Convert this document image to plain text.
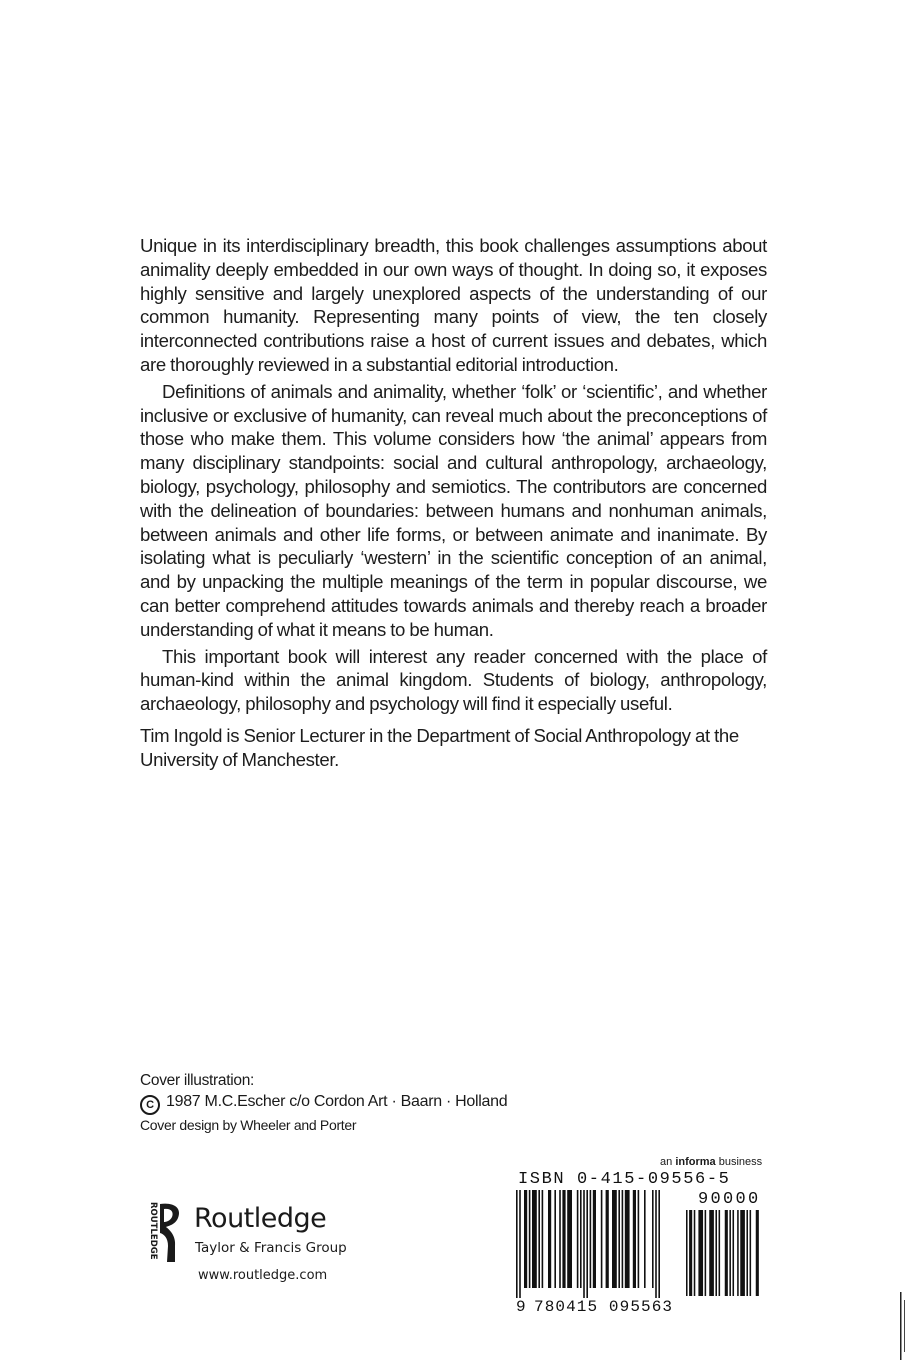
Unique in its interdisciplinary breadth, this book challenges assumptions about animality deeply embedded in our own ways of thought. In doing so, it exposes highly sensitive and largely unexplored aspects of the understanding of our common humanity. Representing many points of view, the ten closely interconnected contributions raise a host of current issues and debates, which are thoroughly reviewed in a substantial editorial introduction.

Definitions of animals and animality, whether ‘folk’ or ‘scientific’, and whether inclusive or exclusive of humanity, can reveal much about the preconceptions of those who make them. This volume considers how ‘the animal’ appears from many disciplinary standpoints: social and cultural anthropology, archaeology, biology, psychology, philosophy and semiotics. The contributors are concerned with the delineation of boundaries: between humans and nonhuman animals, between animals and other life forms, or between animate and inanimate. By isolating what is peculiarly ‘western’ in the scientific conception of an animal, and by unpacking the multiple meanings of the term in popular discourse, we can better comprehend attitudes towards animals and thereby reach a broader understanding of what it means to be human.

This important book will interest any reader concerned with the place of human-kind within the animal kingdom. Students of biology, anthropology, archaeology, philosophy and psychology will find it especially useful.

Tim Ingold is Senior Lecturer in the Department of Social Anthropology at the University of Manchester.

Cover illustration:
C 1987 M.C.Escher c/o Cordon Art · Baarn · Holland
Cover design by Wheeler and Porter
ROUTLEDGE Routledge
Taylor & Francis Group
www.routledge.com
an informa business
ISBN 0-415-09556-5
90000
9 780415 095563
